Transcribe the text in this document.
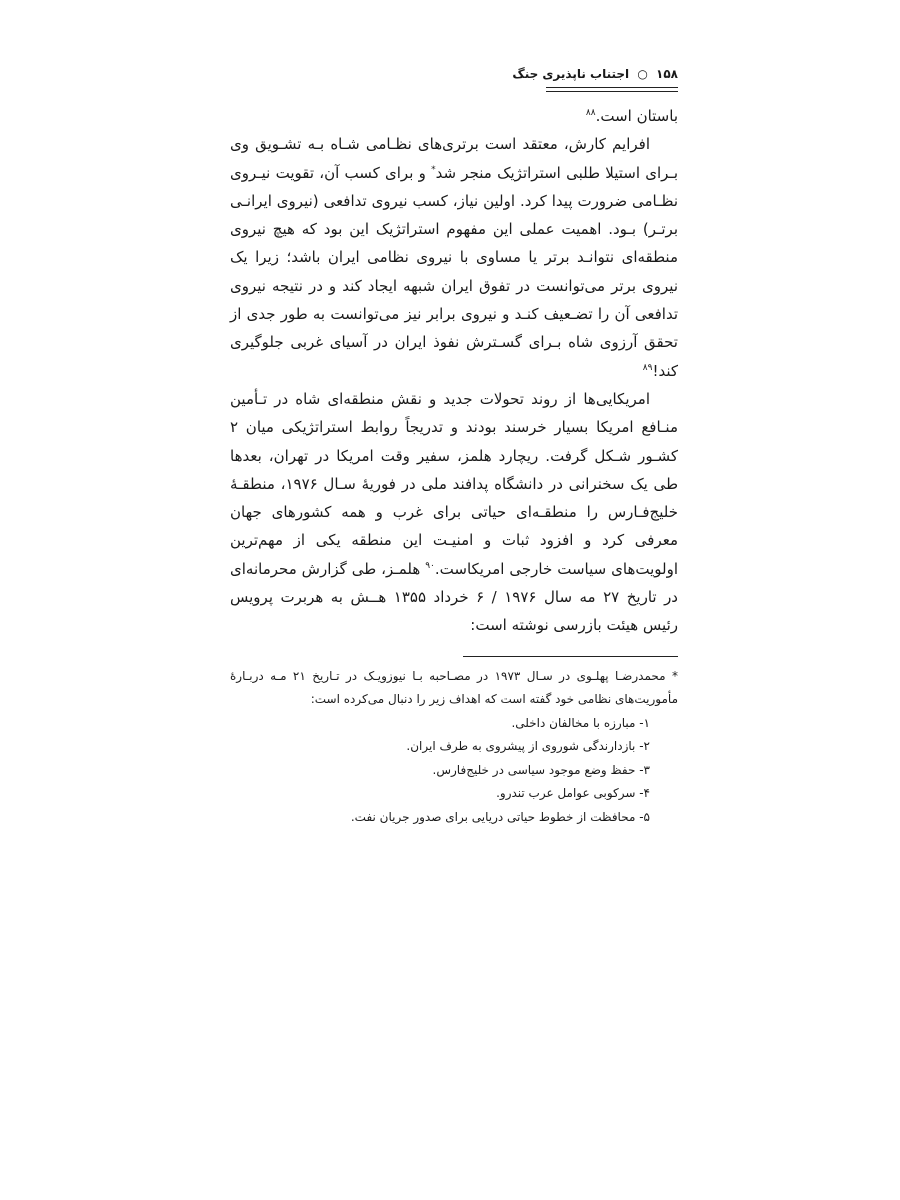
۱۵۸ ○ اجتناب ناپذیری جنگ

باستان است.$^{۸۸}$

افرایم کارش، معتقد است برتری‌های نظـامی شـاه بـه تشـویق وی بـرای استیلا طلبی استراتژیک منجر شد* و برای کسب آن، تقویت نیـروی نظـامی ضرورت پیدا کرد. اولین نیاز، کسب نیروی تدافعی (نیروی ایرانـی برتـر) بـود. اهمیت عملی این مفهوم استراتژیک این بود که هیچ نیروی منطقه‌ای نتوانـد برتر یا مساوی با نیروی نظامی ایران باشد؛ زیرا یک نیروی برتر می‌توانست در تفوق ایران شبهه ایجاد کند و در نتیجه نیروی تدافعی آن را تضـعیف کنـد و نیروی برابر نیز می‌توانست به طور جدی از تحقق آرزوی شاه بـرای گسـترش نفوذ ایران در آسیای غربی جلوگیری کند!$^{۸۹}$

امریکایی‌ها از روند تحولات جدید و نقش منطقه‌ای شاه در تـأمین منـافع امریکا بسیار خرسند بودند و تدریجاً روابط استراتژیکی میان ۲ کشـور شـکل گرفت. ریچارد هلمز، سفیر وقت امریکا در تهران، بعدها طی یک سخنرانی در دانشگاه پدافند ملی در فوریهٔ سـال ۱۹۷۶، منطقـهٔ خلیج‌فـارس را منطقـه‌ای حیاتی برای غرب و همه کشورهای جهان معرفی کرد و افزود ثبات و امنیـت این منطقه یکی از مهم‌ترین اولویت‌های سیاست خارجی امریکاست.$^{۹۰}$ هلمـز، طی گزارش محرمانه‌ای در تاریخ ۲۷ مه سال ۱۹۷۶ / ۶ خرداد ۱۳۵۵ هــش به هربرت پرویس رئیس هیئت بازرسی نوشته است:

* محمدرضـا پهلـوی در سـال ۱۹۷۳ در مصـاحبه بـا نیوزویـک در تـاریخ ۲۱ مـه دربـارهٔ مأموریت‌های نظامی خود گفته است که اهداف زیر را دنبال می‌کرده است:

۱- مبارزه با مخالفان داخلی.
۲- بازدارندگی شوروی از پیشروی به طرف ایران.
۳- حفظ وضع موجود سیاسی در خلیج‌فارس.
۴- سرکوبی عوامل عرب تندرو.
۵- محافظت از خطوط حیاتی دریایی برای صدور جریان نفت.
